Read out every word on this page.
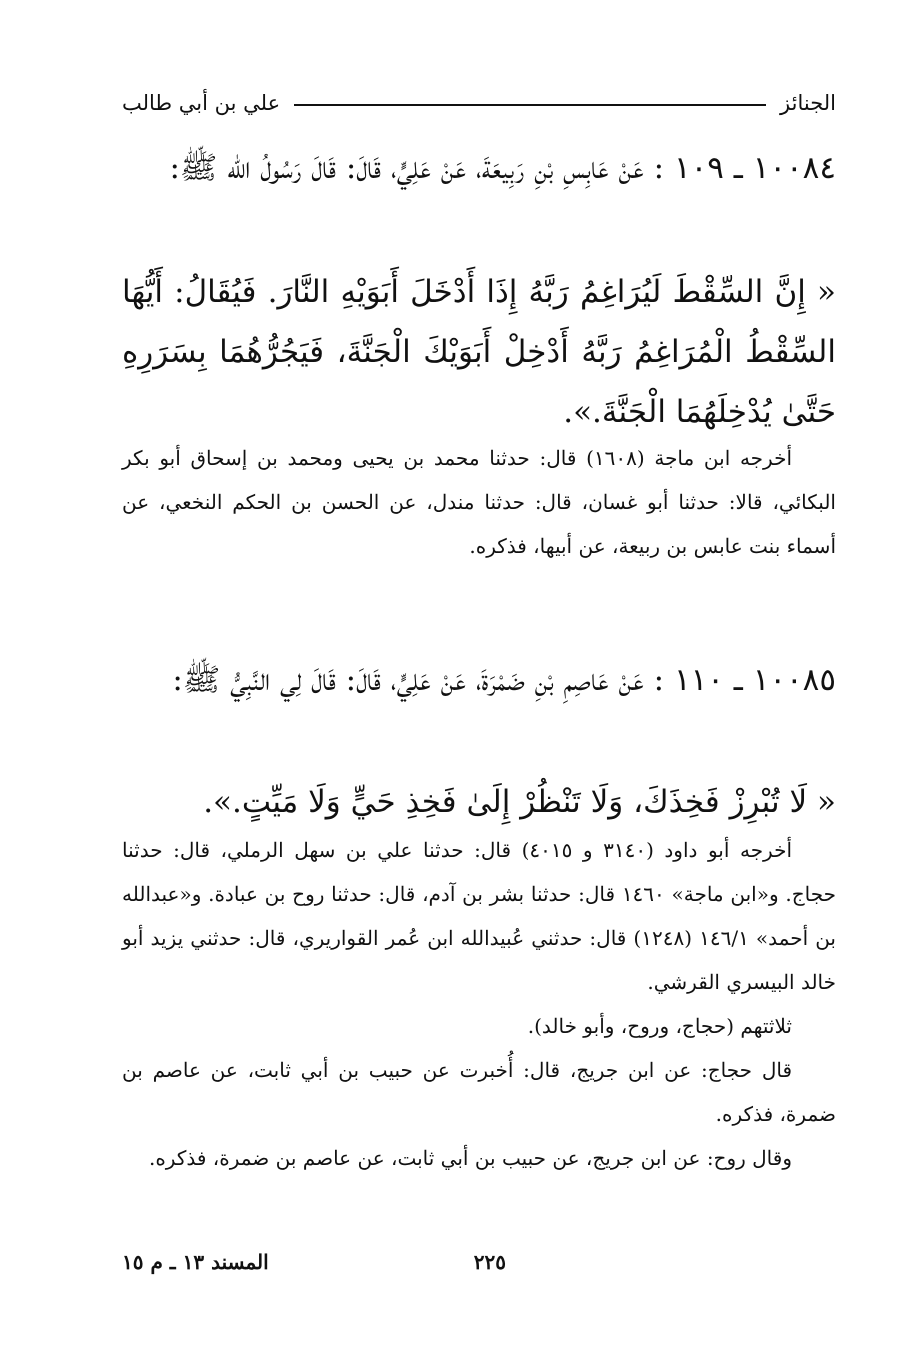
الجنائز
علي بن أبي طالب
١٠٠٨٤ ـ ١٠٩ : عَنْ عَابِسِ بْنِ رَبِيعَةَ، عَنْ عَلِيٍّ، قَالَ: قَالَ رَسُولُ الله ﷺ:
« إِنَّ السِّقْطَ لَيُرَاغِمُ رَبَّهُ إِذَا أَدْخَلَ أَبَوَيْهِ النَّارَ. فَيُقَالُ: أَيُّهَا السِّقْطُ الْمُرَاغِمُ رَبَّهُ أَدْخِلْ أَبَوَيْكَ الْجَنَّةَ، فَيَجُرُّهُمَا بِسَرَرِهِ حَتَّىٰ يُدْخِلَهُمَا الْجَنَّةَ.».

أخرجه ابن ماجة (١٦٠٨) قال: حدثنا محمد بن يحيى ومحمد بن إسحاق أبو بكر البكائي، قالا: حدثنا أبو غسان، قال: حدثنا مندل، عن الحسن بن الحكم النخعي، عن أسماء بنت عابس بن ربيعة، عن أبيها، فذكره.

١٠٠٨٥ ـ ١١٠ : عَنْ عَاصِمِ بْنِ ضَمْرَةَ، عَنْ عَلِيٍّ، قَالَ: قَالَ لِي النَّبِيُّ ﷺ:
« لَا تُبْرِزْ فَخِذَكَ، وَلَا تَنْظُرْ إِلَىٰ فَخِذِ حَيٍّ وَلَا مَيِّتٍ.».

أخرجه أبو داود (٣١٤٠ و ٤٠١٥) قال: حدثنا علي بن سهل الرملي، قال: حدثنا حجاج. و«ابن ماجة» ١٤٦٠ قال: حدثنا بشر بن آدم، قال: حدثنا روح بن عبادة. و«عبدالله بن أحمد» ١٤٦/١ (١٢٤٨) قال: حدثني عُبيدالله ابن عُمر القواريري، قال: حدثني يزيد أبو خالد البيسري القرشي.

ثلاثتهم (حجاج، وروح، وأبو خالد).

قال حجاج: عن ابن جريج، قال: أُخبرت عن حبيب بن أبي ثابت، عن عاصم بن ضمرة، فذكره.

وقال روح: عن ابن جريج، عن حبيب بن أبي ثابت، عن عاصم بن ضمرة، فذكره.

٢٢٥
المسند ١٣ ـ م ١٥
